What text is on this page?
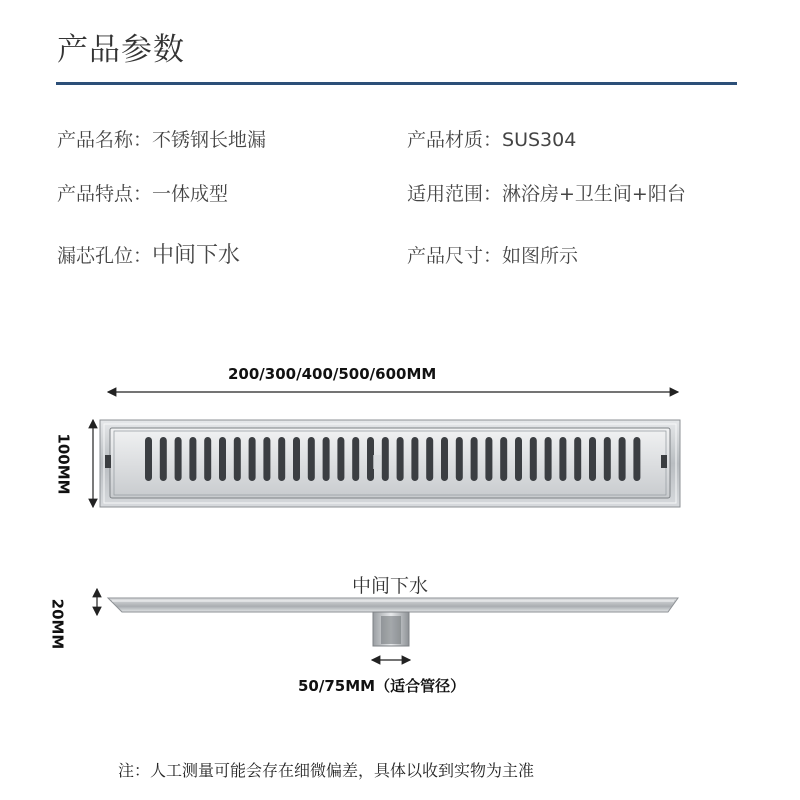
产品参数
产品名称：不锈钢长地漏	产品材质：SUS304
产品特点：一体成型	适用范围：淋浴房+卫生间+阳台
漏芯孔位：中间下水	产品尺寸：如图所示
200/300/400/500/600MM
100MM
20MM
中间下水
50/75MM（适合管径）
注：人工测量可能会存在细微偏差，具体以收到实物为主准
